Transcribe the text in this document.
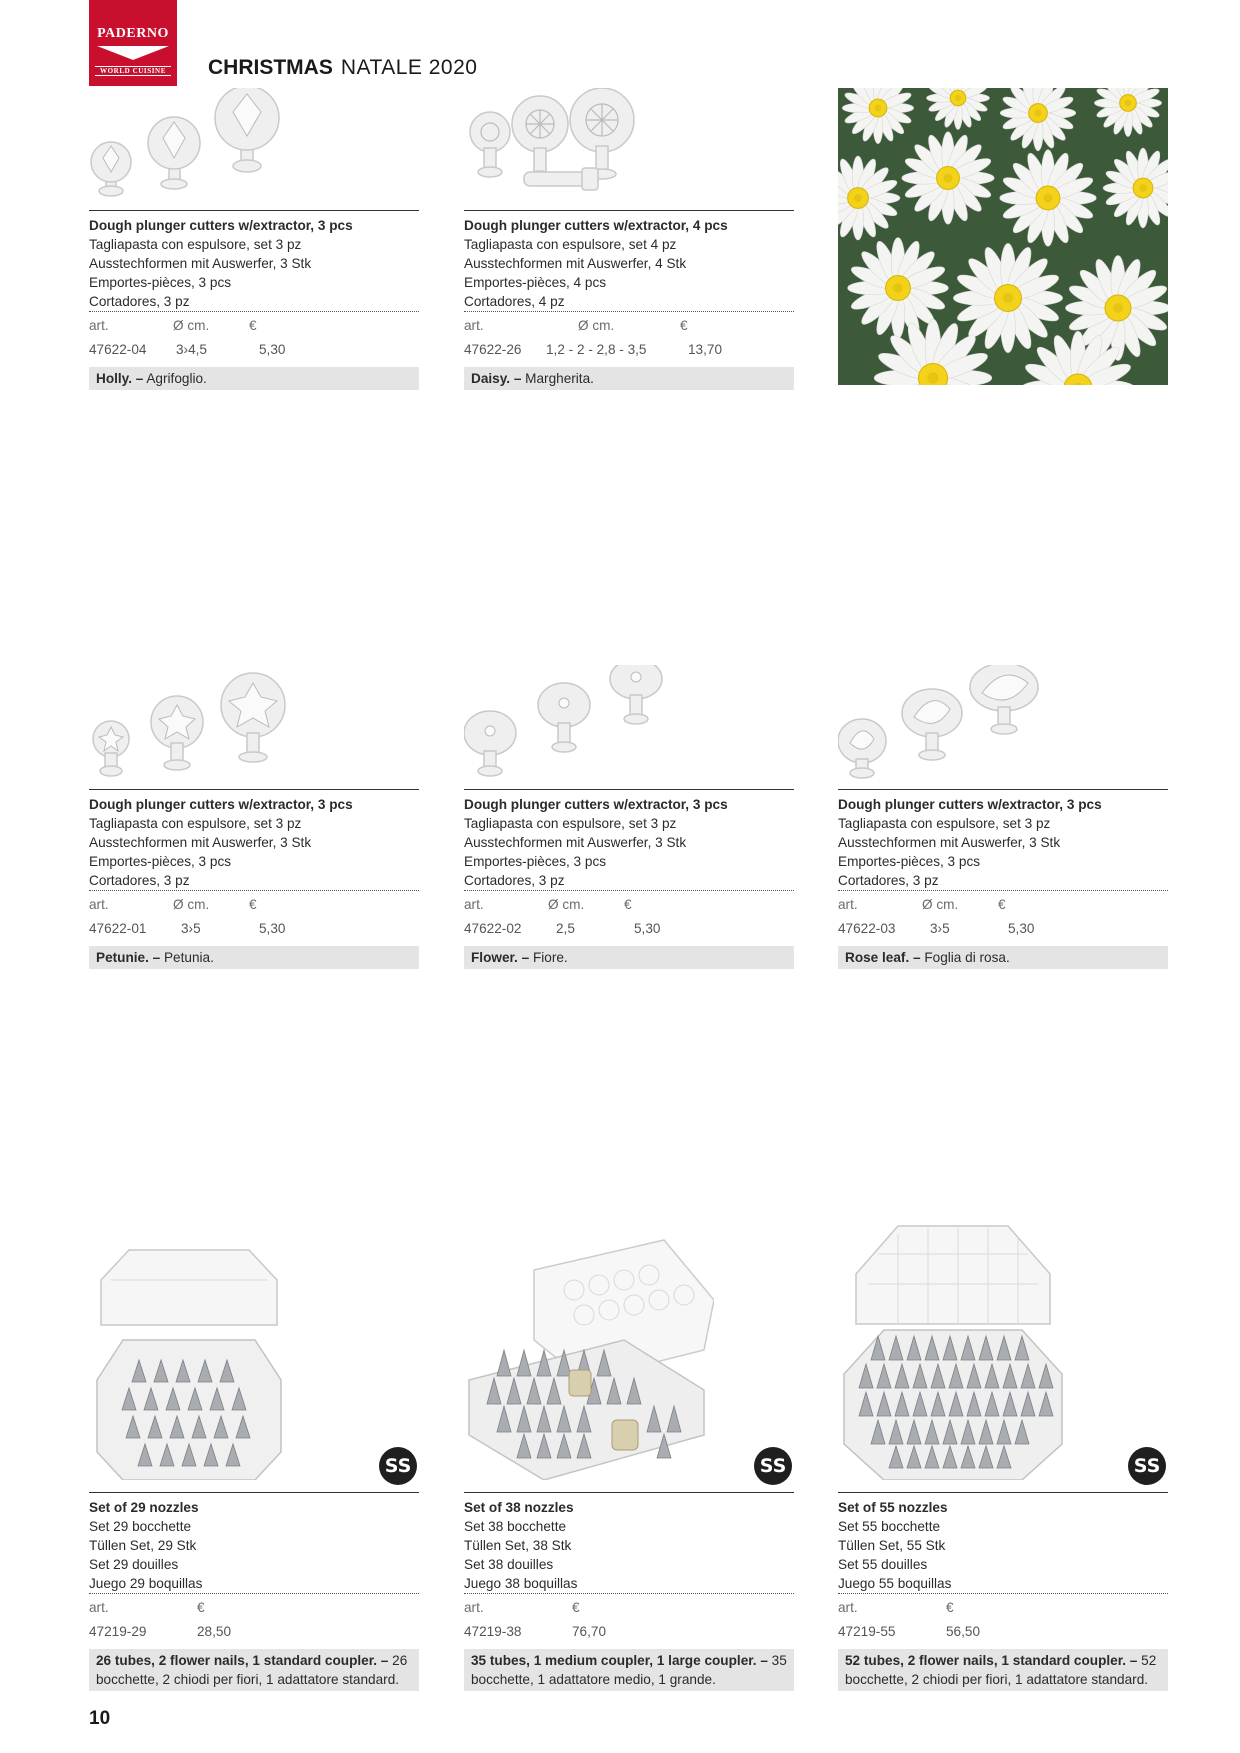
PADERNO
WORLD CUISINE CHRISTMAS NATALE 2020
Dough plunger cutters w/extractor, 3 pcs
Tagliapasta con espulsore, set 3 pz
Ausstechformen mit Auswerfer, 3 Stk
Emportes-pièces, 3 pcs
Cortadores, 3 pz
art.	Ø cm.	€
47622-04 3›4,5	5,30
Holly. – Agrifoglio.
Dough plunger cutters w/extractor, 4 pcs
Tagliapasta con espulsore, set 4 pz
Ausstechformen mit Auswerfer, 4 Stk
Emportes-pièces, 4 pcs
Cortadores, 4 pz
art.	Ø cm.	€
47622-26 1,2 - 2 - 2,8 - 3,5	13,70
Daisy. – Margherita.
Dough plunger cutters w/extractor, 3 pcs
Tagliapasta con espulsore, set 3 pz
Ausstechformen mit Auswerfer, 3 Stk
Emportes-pièces, 3 pcs
Cortadores, 3 pz
art.	Ø cm.	€
47622-01	3›5	5,30
Petunie. – Petunia.
Dough plunger cutters w/extractor, 3 pcs
Tagliapasta con espulsore, set 3 pz
Ausstechformen mit Auswerfer, 3 Stk
Emportes-pièces, 3 pcs
Cortadores, 3 pz
art.	Ø cm.	€
47622-02	2,5	5,30
Flower. – Fiore.
Dough plunger cutters w/extractor, 3 pcs
Tagliapasta con espulsore, set 3 pz
Ausstechformen mit Auswerfer, 3 Stk
Emportes-pièces, 3 pcs
Cortadores, 3 pz
art.	Ø cm.	€
47622-03	3›5	5,30
Rose leaf. – Foglia di rosa.
SS
Set of 29 nozzles
Set 29 bocchette
Tüllen Set, 29 Stk
Set 29 douilles
Juego 29 boquillas
art.	€
47219-29	28,50
26 tubes, 2 flower nails, 1 standard coupler. – 26 bocchette, 2 chiodi per fiori, 1 adattatore standard.
SS
Set of 38 nozzles
Set 38 bocchette
Tüllen Set, 38 Stk
Set 38 douilles
Juego 38 boquillas
art.	€
47219-38	76,70
35 tubes, 1 medium coupler, 1 large coupler. – 35 bocchette, 1 adattatore medio, 1 grande.
SS
Set of 55 nozzles
Set 55 bocchette
Tüllen Set, 55 Stk
Set 55 douilles
Juego 55 boquillas
art.	€
47219-55	56,50
52 tubes, 2 flower nails, 1 standard coupler. – 52 bocchette, 2 chiodi per fiori, 1 adattatore standard.
10
